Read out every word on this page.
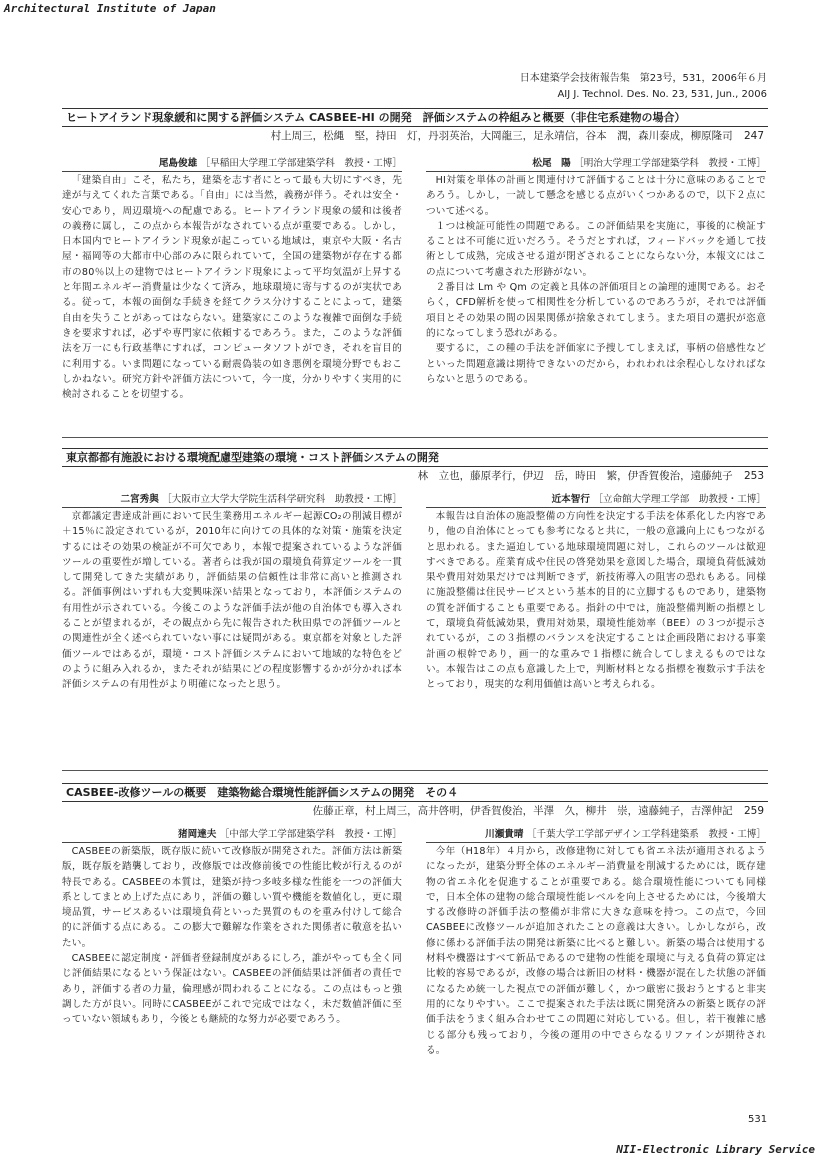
Architectural Institute of Japan
日本建築学会技術報告集　第23号，531，2006年６月
AIJ J. Technol. Des. No. 23, 531, Jun., 2006
ヒートアイランド現象緩和に関する評価システム CASBEE-HI の開発　評価システムの枠組みと概要（非住宅系建物の場合）
村上周三，松縄　堅，持田　灯，丹羽英治，大岡龍三，足永靖信，谷本　潤，森川泰成，柳原隆司 247
尾島俊雄 ［早稲田大学理工学部建築学科　教授・工博］

「建築自由」こそ，私たち，建築を志す者にとって最も大切にすべき，先達が与えてくれた言葉である。「自由」には当然，義務が伴う。それは安全・安心であり，周辺環境への配慮である。ヒートアイランド現象の緩和は後者の義務に属し，この点から本報告がなされている点が重要である。しかし，日本国内でヒートアイランド現象が起こっている地域は，東京や大阪・名古屋・福岡等の大都市中心部のみに限られていて，全国の建築物が存在する都市の80％以上の建物ではヒートアイランド現象によって平均気温が上昇すると年間エネルギー消費量は少なくて済み，地球環境に寄与するのが実状である。従って，本報の面倒な手続きを経てクラス分けすることによって，建築自由を失うことがあってはならない。建築家にこのような複雑で面倒な手続きを要求すれば，必ずや専門家に依頼するであろう。また，このような評価法を万一にも行政基準にすれば，コンピュータソフトができ，それを盲目的に利用する。いま問題になっている耐震偽装の如き悪例を環境分野でもおこしかねない。研究方針や評価方法について，今一度，分かりやすく実用的に検討されることを切望する。

松尾　陽 ［明治大学理工学部建築学科　教授・工博］

HI対策を単体の計画と関連付けて評価することは十分に意味のあることであろう。しかし，一読して懸念を感じる点がいくつかあるので，以下２点について述べる。

１つは検証可能性の問題である。この評価結果を実施に，事後的に検証することは不可能に近いだろう。そうだとすれば，フィードバックを通して技術として成熟，完成させる道が閉ざされることにならない分，本報文にはこの点について考慮された形跡がない。

２番目は Lm や Qm の定義と具体の評価項目との論理的連関である。おそらく，CFD解析を使って相関性を分析しているのであろうが，それでは評価項目とその効果の間の因果関係が捨象されてしまう。また項目の選択が恣意的になってしまう恐れがある。

要するに，この種の手法を評価家に予捜してしまえば，事柄の倍感性などといった問題意識は期待できないのだから，われわれは余程心しなければならないと思うのである。

東京都都有施設における環境配慮型建築の環境・コスト評価システムの開発
林　立也，藤原孝行，伊辺　岳，時田　繁，伊香賀俊治，遠藤純子 253
二宮秀與 ［大阪市立大学大学院生活科学研究科　助教授・工博］

京都議定書達成計画において民生業務用エネルギー起源CO₂の削減目標が＋15％に設定されているが，2010年に向けての具体的な対策・施策を決定するにはその効果の検証が不可欠であり，本報で提案されているような評価ツールの重要性が増している。著者らは我が国の環境負荷算定ツールを一貫して開発してきた実績があり，評価結果の信頼性は非常に高いと推測される。評価事例はいずれも大変興味深い結果となっており，本評価システムの有用性が示されている。今後このような評価手法が他の自治体でも導入されることが望まれるが，その観点から先に報告された秋田県での評価ツールとの関連性が全く述べられていない事には疑問がある。東京都を対象とした評価ツールではあるが，環境・コスト評価システムにおいて地域的な特色をどのように組み入れるか，またそれが結果にどの程度影響するかが分かれば本評価システムの有用性がより明確になったと思う。

近本智行 ［立命館大学理工学部　助教授・工博］

本報告は自治体の施設整備の方向性を決定する手法を体系化した内容であり，他の自治体にとっても参考になると共に，一般の意識向上にもつながると思われる。また逼迫している地球環境問題に対し，これらのツールは歓迎すべきである。産業育成や住民の啓発効果を意図した場合，環境負荷低減効果や費用対効果だけでは判断できず，新技術導入の阻害の恐れもある。同様に施設整備は住民サービスという基本的目的に立脚するものであり，建築物の質を評価することも重要である。指針の中では，施設整備判断の指標として，環境負荷低減効果，費用対効果，環境性能効率（BEE）の３つが提示されているが，この３指標のバランスを決定することは企画段階における事業計画の根幹であり，画一的な重みで１指標に統合してしまえるものではない。本報告はこの点も意識した上で，判断材料となる指標を複数示す手法をとっており，現実的な利用価値は高いと考えられる。

CASBEE-改修ツールの概要　建築物総合環境性能評価システムの開発　その４
佐藤正章，村上周三，高井啓明，伊香賀俊治，半澤　久，柳井　崇，遠藤純子，吉澤伸記 259
猪岡達夫 ［中部大学工学部建築学科　教授・工博］

CASBEEの新築版，既存版に続いて改修版が開発された。評価方法は新築版，既存版を踏襲しており，改修版では改修前後での性能比較が行えるのが特長である。CASBEEの本質は，建築が持つ多岐多様な性能を一つの評価大系としてまとめ上げた点にあり，評価の難しい質や機能を数値化し，更に環境品質，サービスあるいは環境負荷といった異質のものを重み付けして総合的に評価する点にある。この膨大で難解な作業をされた関係者に敬意を払いたい。

CASBEEに認定制度・評価者登録制度があるにしろ，誰がやっても全く同じ評価結果になるという保証はない。CASBEEの評価結果は評価者の責任であり，評価する者の力量，倫理感が問われることになる。この点はもっと強調した方が良い。同時にCASBEEがこれで完成ではなく，未だ数値評価に至っていない領域もあり，今後とも継続的な努力が必要であろう。

川瀬貴晴 ［千葉大学工学部デザイン工学科建築系　教授・工博］

今年（H18年）４月から，改修建物に対しても省エネ法が適用されるようになったが，建築分野全体のエネルギー消費量を削減するためには，既存建物の省エネ化を促進することが重要である。総合環境性能についても同様で，日本全体の建物の総合環境性能レベルを向上させるためには，今後増大する改修時の評価手法の整備が非常に大きな意味を持つ。この点で，今回CASBEEに改修ツールが追加されたことの意義は大きい。しかしながら，改修に係わる評価手法の開発は新築に比べると難しい。新築の場合は使用する材料や機器はすべて新品であるので建物の性能を環境に与える負荷の算定は比較的容易であるが，改修の場合は新旧の材料・機器が混在した状態の評価になるため統一した視点での評価が難しく，かつ厳密に扱おうとすると非実用的になりやすい。ここで提案された手法は既に開発済みの新築と既存の評価手法をうまく組み合わせてこの問題に対応している。但し，若干複雑に感じる部分も残っており，今後の運用の中でさらなるリファインが期待される。

531
NII-Electronic Library Service
